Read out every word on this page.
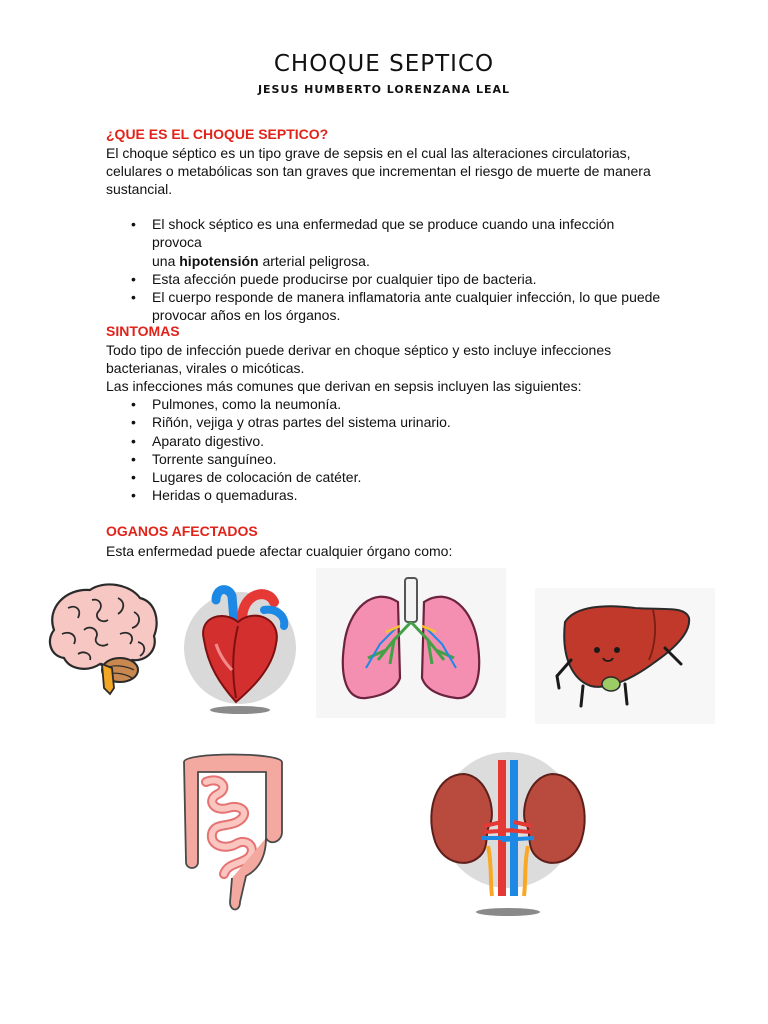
CHOQUE SEPTICO
JESUS HUMBERTO LORENZANA LEAL
¿QUE ES EL CHOQUE SEPTICO?
El choque séptico es un tipo grave de sepsis en el cual las alteraciones circulatorias,
celulares o metabólicas son tan graves que incrementan el riesgo de muerte de manera
sustancial.
• El shock séptico es una enfermedad que se produce cuando una infección provoca
una hipotensión arterial peligrosa.
• Esta afección puede producirse por cualquier tipo de bacteria.
• El cuerpo responde de manera inflamatoria ante cualquier infección, lo que puede
provocar años en los órganos.
SINTOMAS
Todo tipo de infección puede derivar en choque séptico y esto incluye infecciones
bacterianas, virales o micóticas.
Las infecciones más comunes que derivan en sepsis incluyen las siguientes:
• Pulmones, como la neumonía.
• Riñón, vejiga y otras partes del sistema urinario.
• Aparato digestivo.
• Torrente sanguíneo.
• Lugares de colocación de catéter.
• Heridas o quemaduras.
OGANOS AFECTADOS
Esta enfermedad puede afectar cualquier órgano como:
